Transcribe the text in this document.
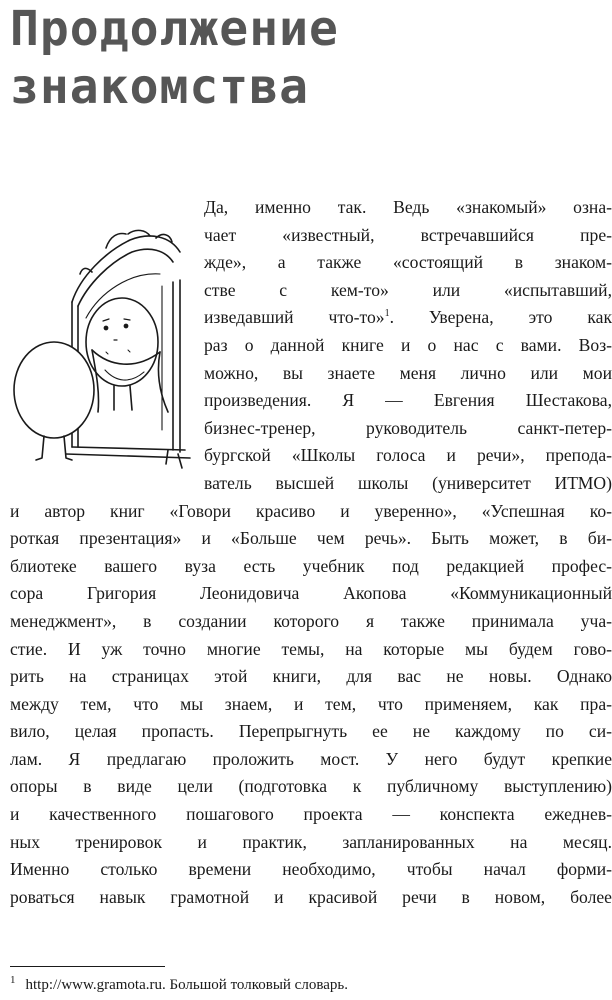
Продолжение
знакомства

Да, именно так. Ведь «знакомый» озна-
чает «известный, встречавшийся пре-
жде», а также «состоящий в знаком-
стве с кем-то» или «испытавший,
изведавший что-то»$^1$. Уверена, это как
раз о данной книге и о нас с вами. Воз-
можно, вы знаете меня лично или мои
произведения. Я — Евгения Шестакова,
бизнес-тренер, руководитель санкт-петер-
бургской «Школы голоса и речи», препода-
ватель высшей школы (университет ИТМО)
и автор книг «Говори красиво и уверенно», «Успешная ко-
роткая презентация» и «Больше чем речь». Быть может, в би-
блиотеке вашего вуза есть учебник под редакцией профес-
сора Григория Леонидовича Акопова «Коммуникационный
менеджмент», в создании которого я также принимала уча-
стие. И уж точно многие темы, на которые мы будем гово-
рить на страницах этой книги, для вас не новы. Однако
между тем, что мы знаем, и тем, что применяем, как пра-
вило, целая пропасть. Перепрыгнуть ее не каждому по си-
лам. Я предлагаю проложить мост. У него будут крепкие
опоры в виде цели (подготовка к публичному выступлению)
и качественного пошагового проекта — конспекта ежеднев-
ных тренировок и практик, запланированных на месяц.
Именно столько времени необходимо, чтобы начал форми-
роваться навык грамотной и красивой речи в новом, более

$^1$ http://www.gramota.ru. Большой толковый словарь.
